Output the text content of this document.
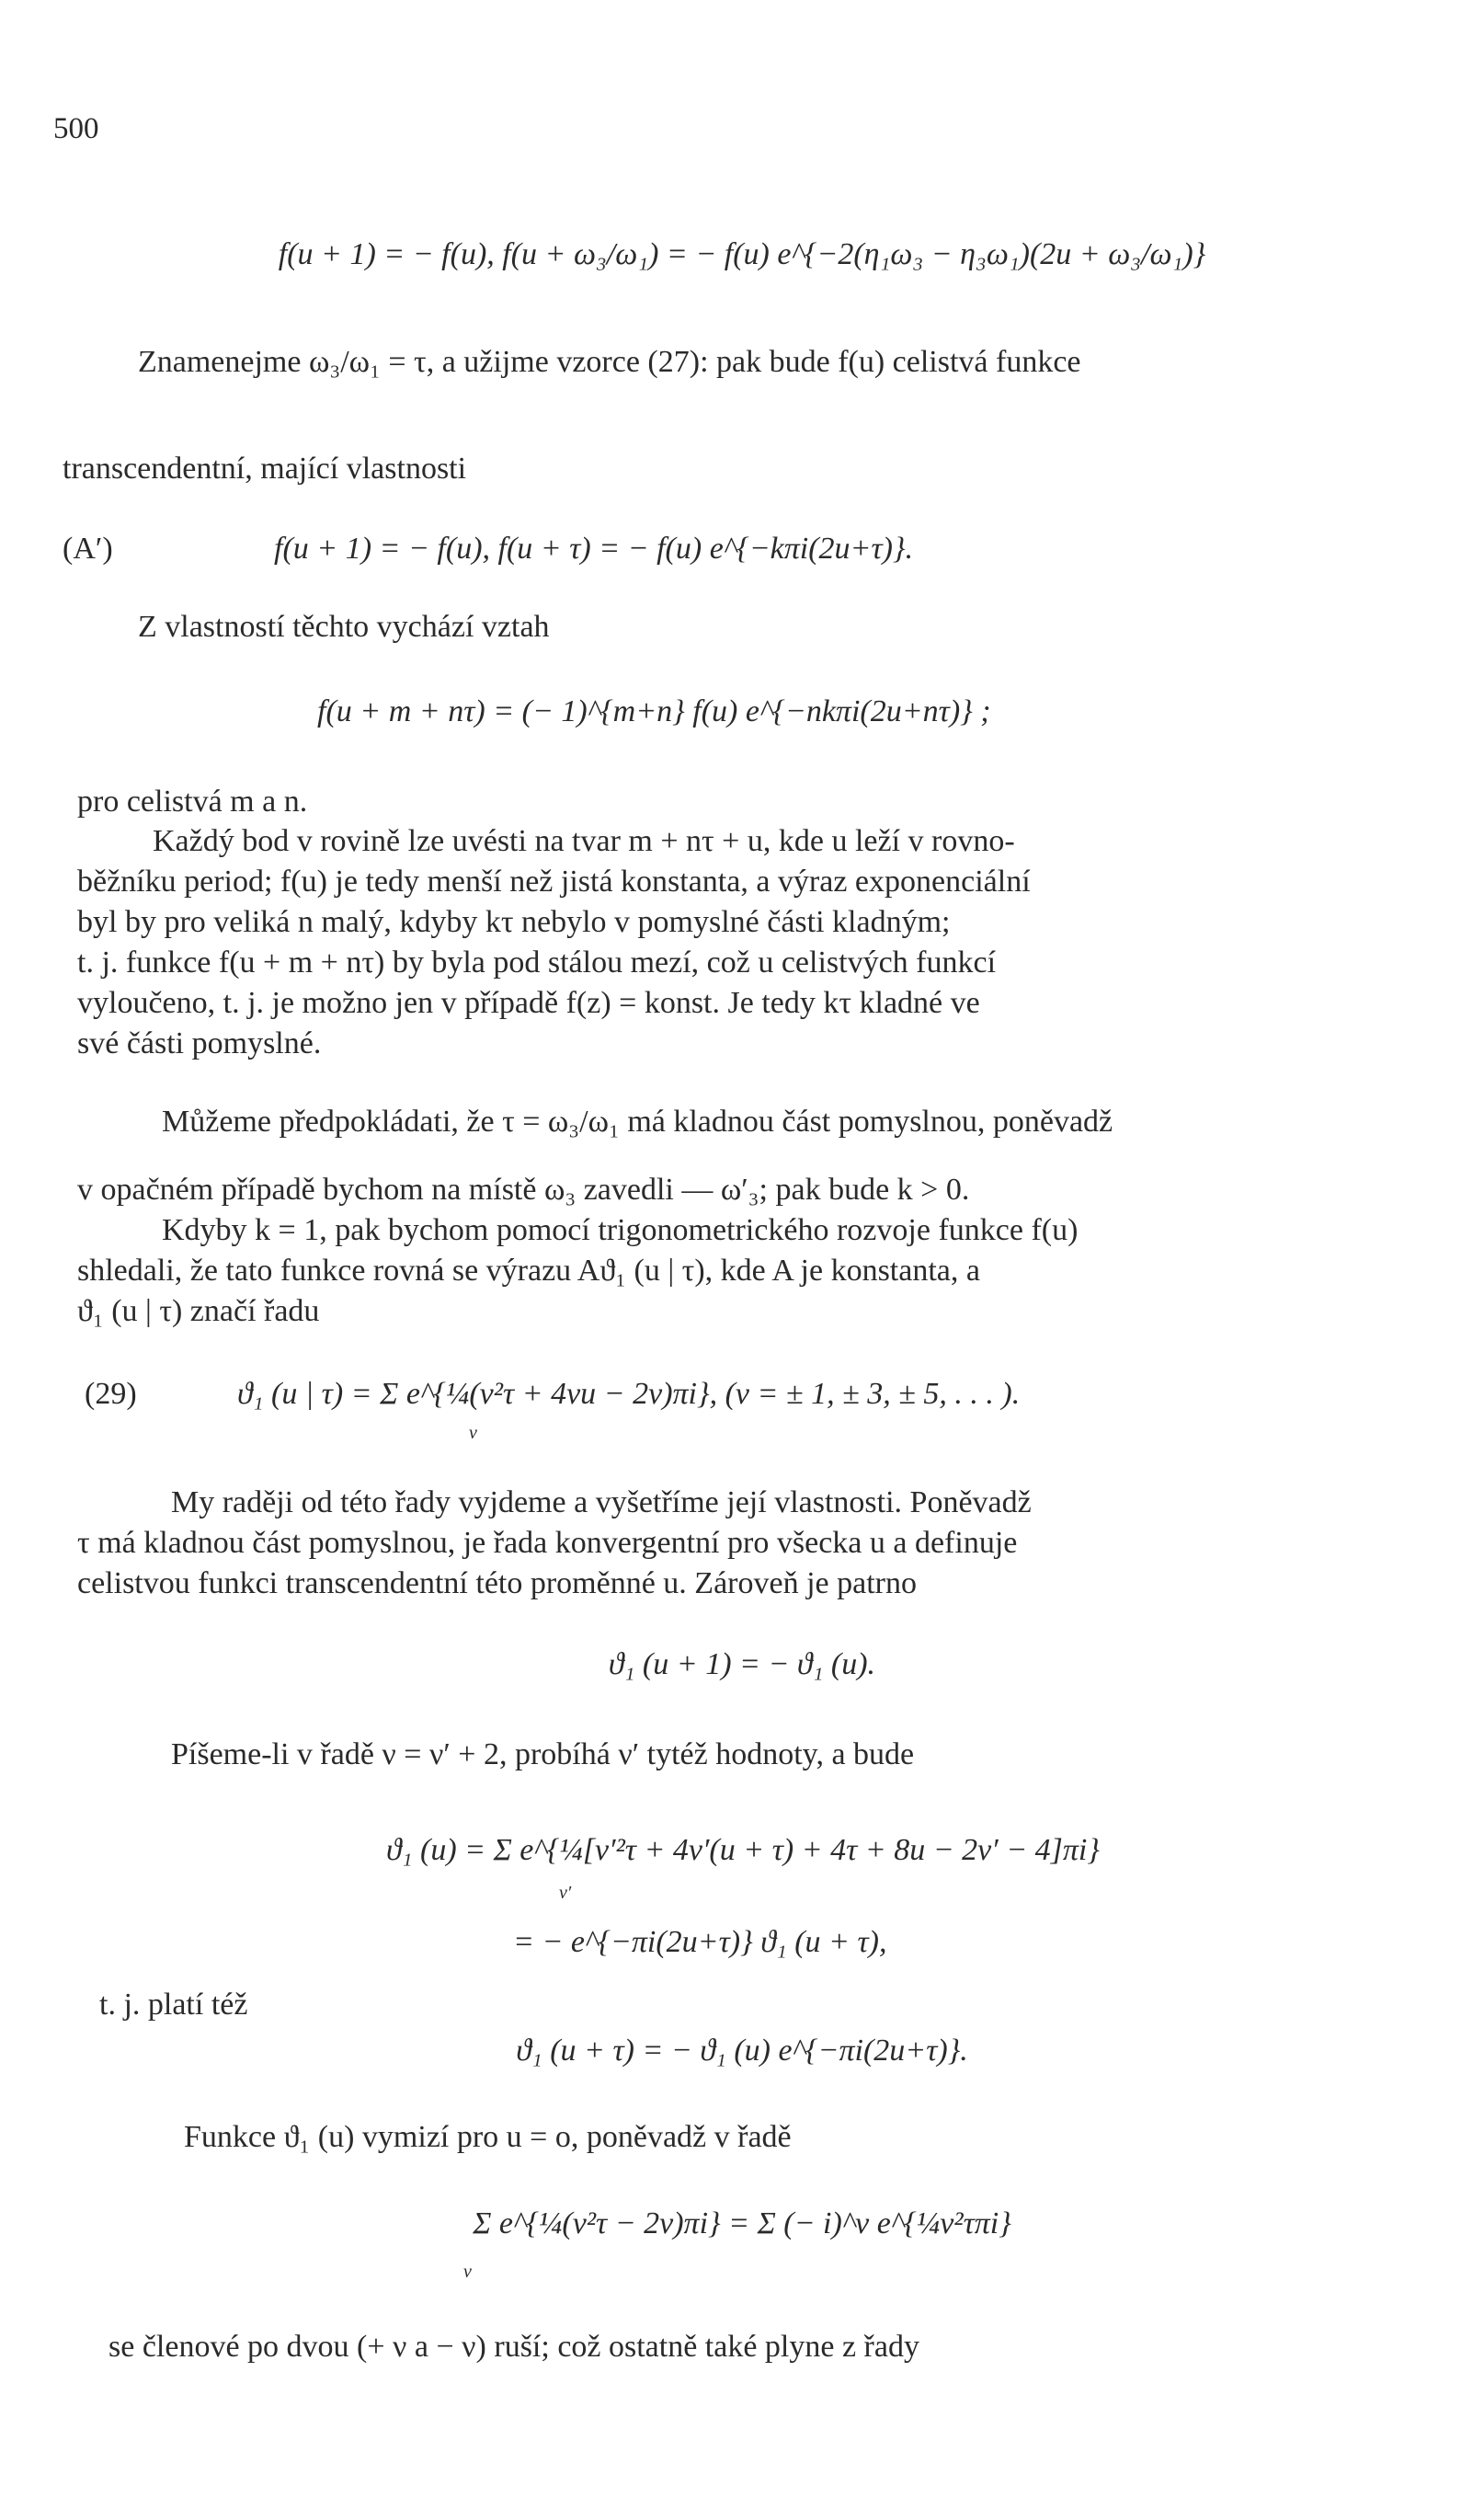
500
f(u + 1) = − f(u), f(u + ω₃/ω₁) = − f(u) e^{−2(η₁ω₃ − η₃ω₁)(2u + ω₃/ω₁)}
Znamenejme ω₃/ω₁ = τ, a užijme vzorce (27): pak bude f(u) celistvá funkce
transcendentní, mající vlastnosti
(A′)	f(u + 1) = − f(u), f(u + τ) = − f(u) e^{−kπi(2u+τ)}.
Z vlastností těchto vychází vztah
f(u + m + nτ) = (− 1)^{m+n} f(u) e^{−nkπi(2u+nτ)} ;
pro celistvá m a n.
Každý bod v rovině lze uvésti na tvar m + nτ + u, kde u leží v rovno-
běžníku period; f(u) je tedy menší než jistá konstanta, a výraz exponenciální
byl by pro veliká n malý, kdyby kτ nebylo v pomyslné části kladným;
t. j. funkce f(u + m + nτ) by byla pod stálou mezí, což u celistvých funkcí
vyloučeno, t. j. je možno jen v případě f(z) = konst. Je tedy kτ kladné ve
své části pomyslné.
Můžeme předpokládati, že τ = ω₃/ω₁ má kladnou část pomyslnou, poněvadž
v opačném případě bychom na místě ω₃ zavedli — ω′₃; pak bude k > 0.
Kdyby k = 1, pak bychom pomocí trigonometrického rozvoje funkce f(u)
shledali, že tato funkce rovná se výrazu Aϑ₁ (u | τ), kde A je konstanta, a
ϑ₁ (u | τ) značí řadu
(29)	ϑ₁ (u | τ) = Σ e^{¼(ν²τ + 4νu − 2ν)πi}, (ν = ± 1, ± 3, ± 5, . . . ).
ν
My raději od této řady vyjdeme a vyšetříme její vlastnosti. Poněvadž
τ má kladnou část pomyslnou, je řada konvergentní pro všecka u a definuje
celistvou funkci transcendentní této proměnné u. Zároveň je patrno
ϑ₁ (u + 1) = − ϑ₁ (u).
Píšeme-li v řadě ν = ν′ + 2, probíhá ν′ tytéž hodnoty, a bude
ϑ₁ (u) = Σ e^{¼[ν′²τ + 4ν′(u + τ) + 4τ + 8u − 2ν′ − 4]πi}
ν′
= − e^{−πi(2u+τ)} ϑ₁ (u + τ),
t. j. platí též
ϑ₁ (u + τ) = − ϑ₁ (u) e^{−πi(2u+τ)}.
Funkce ϑ₁ (u) vymizí pro u = o, poněvadž v řadě
Σ e^{¼(ν²τ − 2ν)πi} = Σ (− i)^ν e^{¼ν²τπi}
ν
se členové po dvou (+ ν a − ν) ruší; což ostatně také plyne z řady
